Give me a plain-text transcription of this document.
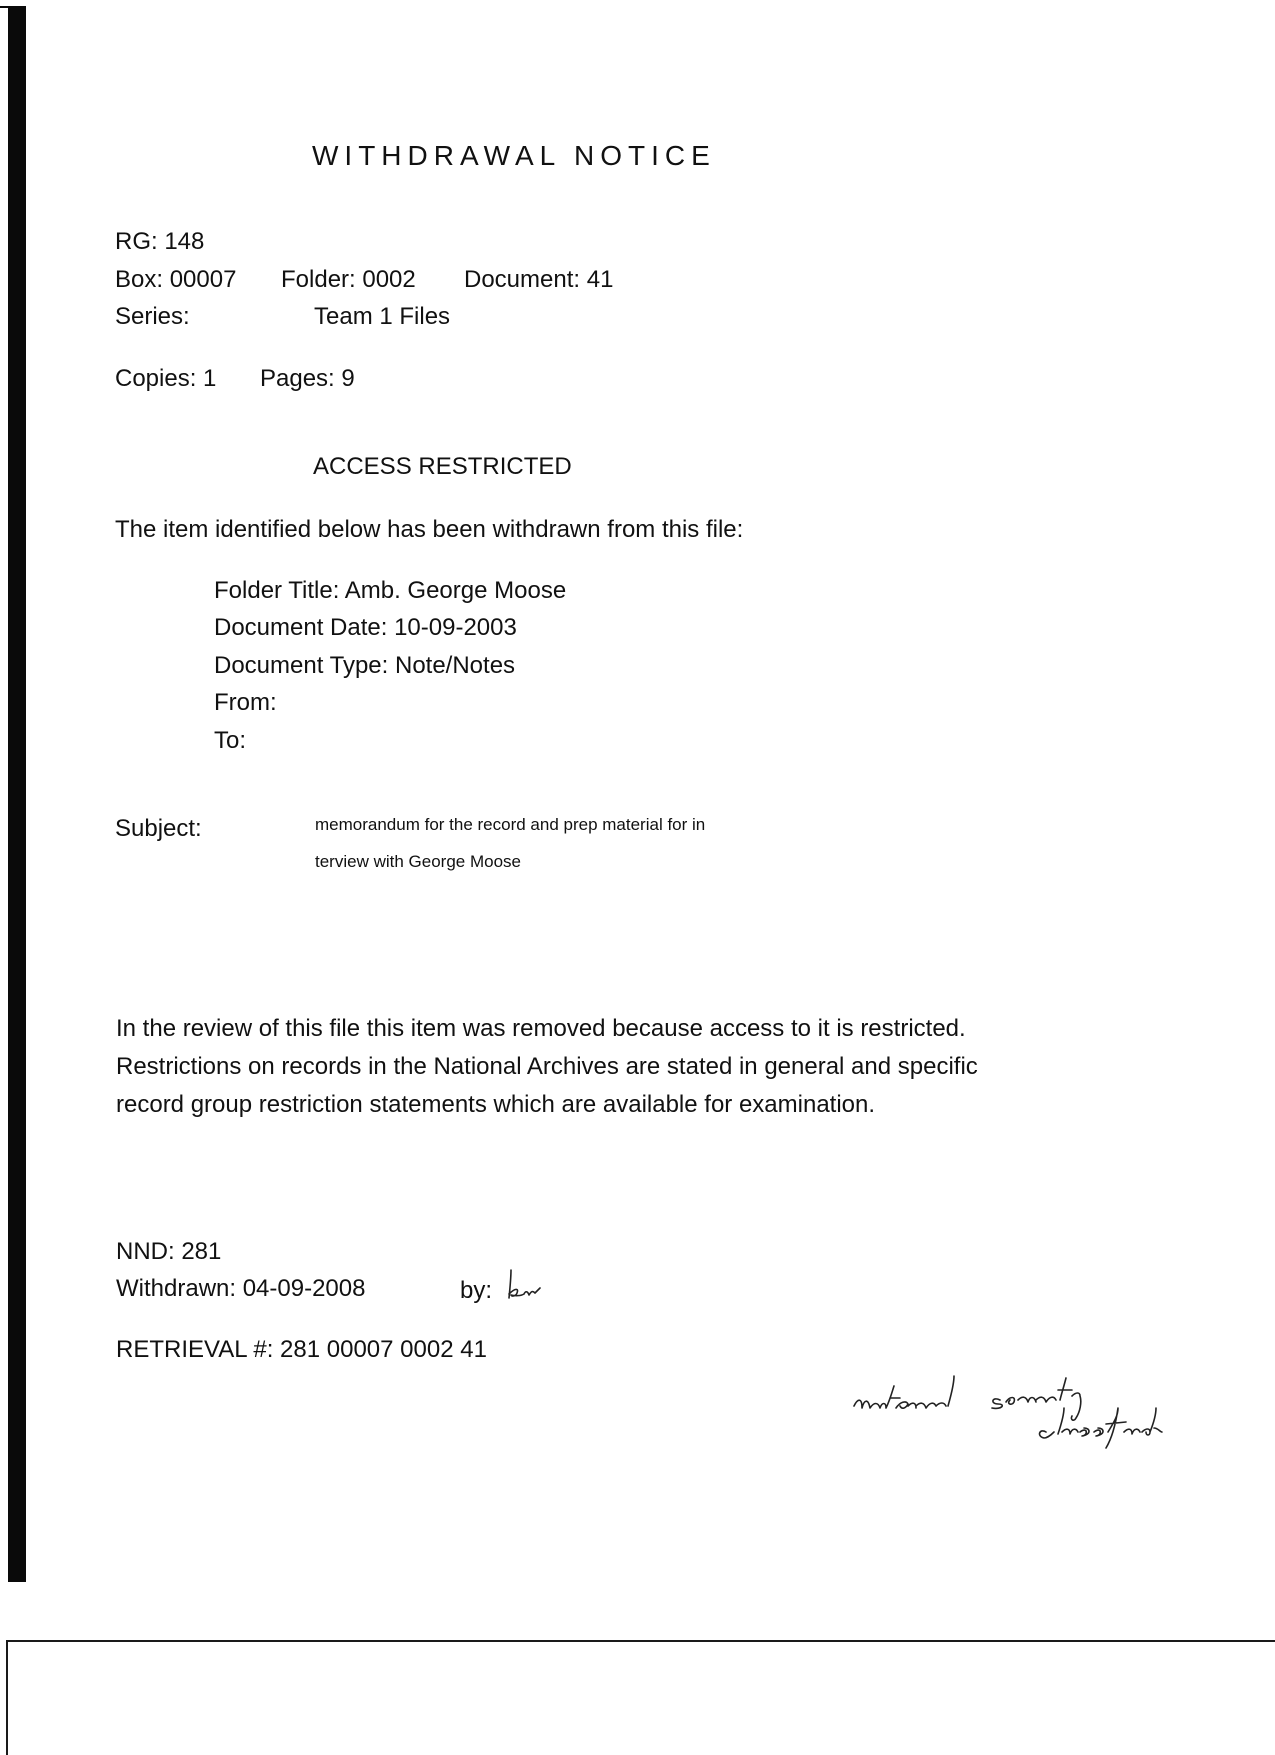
WITHDRAWAL NOTICE
RG: 148
Box: 00007 Folder: 0002 Document: 41
Series:	Team 1 Files
Copies: 1 Pages: 9
ACCESS RESTRICTED
The item identified below has been withdrawn from this file:
Folder Title: Amb. George Moose
Document Date: 10-09-2003
Document Type: Note/Notes
From:
To:
Subject:	memorandum for the record and prep material for in
terview with George Moose
In the review of this file this item was removed because access to it is restricted. Restrictions on records in the National Archives are stated in general and specific record group restriction statements which are available for examination.
NND: 281
Withdrawn: 04-09-2008	by:
RETRIEVAL #: 281 00007 0002 41
